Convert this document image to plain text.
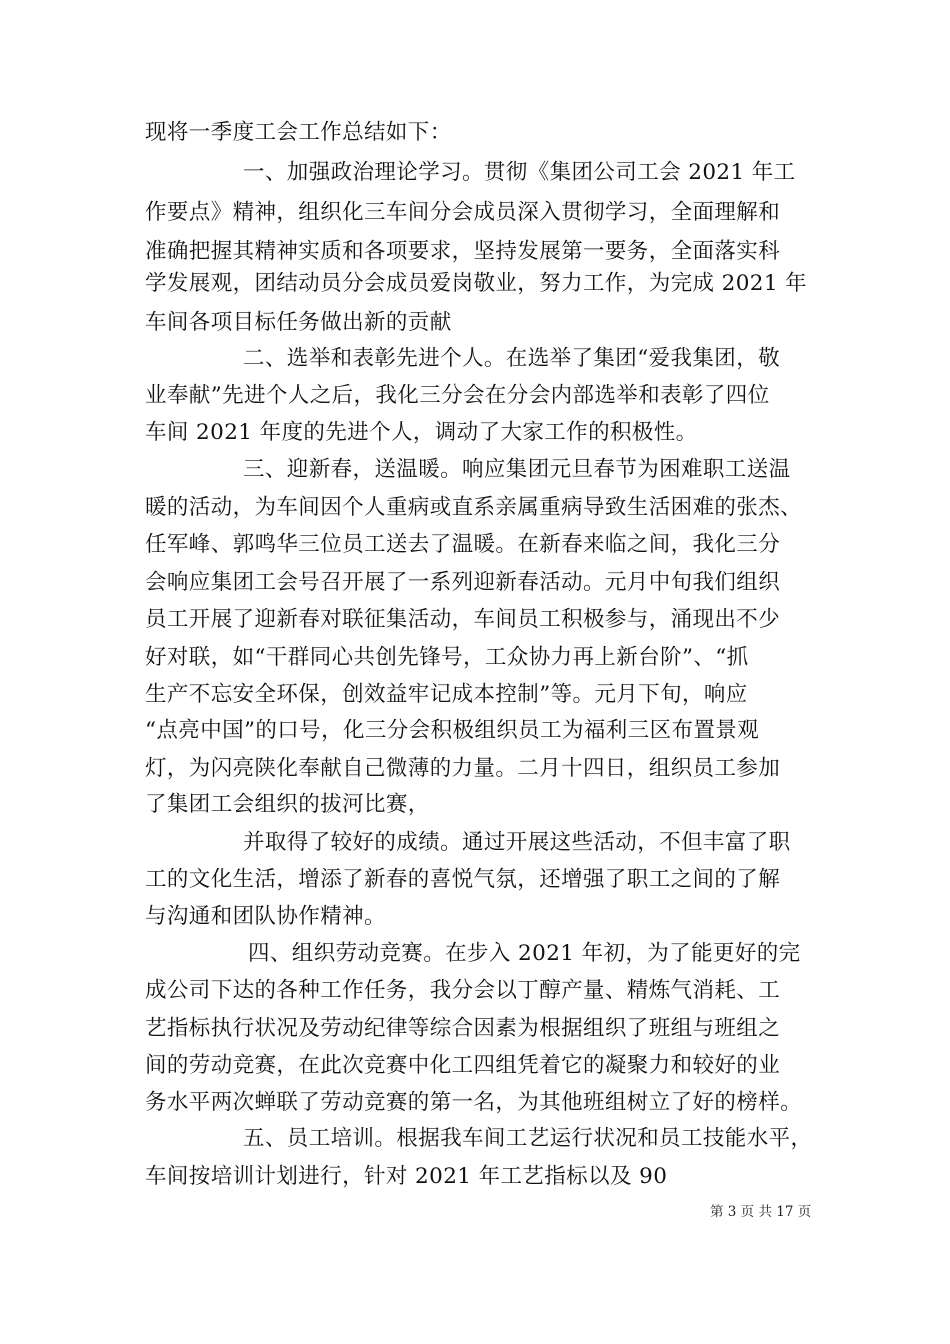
现将一季度工会工作总结如下：
一、加强政治理论学习。贯彻《集团公司工会 2021 年工
作要点》精神，组织化三车间分会成员深入贯彻学习，全面理解和
准确把握其精神实质和各项要求，坚持发展第一要务，全面落实科
学发展观，团结动员分会成员爱岗敬业，努力工作，为完成 2021 年
车间各项目标任务做出新的贡献
二、选举和表彰先进个人。在选举了集团“爱我集团，敬
业奉献”先进个人之后，我化三分会在分会内部选举和表彰了四位
车间 2021 年度的先进个人，调动了大家工作的积极性。
三、迎新春，送温暖。响应集团元旦春节为困难职工送温
暖的活动，为车间因个人重病或直系亲属重病导致生活困难的张杰、
任军峰、郭鸣华三位员工送去了温暖。在新春来临之间，我化三分
会响应集团工会号召开展了一系列迎新春活动。元月中旬我们组织
员工开展了迎新春对联征集活动，车间员工积极参与，涌现出不少
好对联，如“干群同心共创先锋号，工众协力再上新台阶”、“抓
生产不忘安全环保，创效益牢记成本控制”等。元月下旬，响应
“点亮中国”的口号，化三分会积极组织员工为福利三区布置景观
灯，为闪亮陕化奉献自己微薄的力量。二月十四日，组织员工参加
了集团工会组织的拔河比赛，
并取得了较好的成绩。通过开展这些活动，不但丰富了职
工的文化生活，增添了新春的喜悦气氛，还增强了职工之间的了解
与沟通和团队协作精神。
四、组织劳动竞赛。在步入 2021 年初，为了能更好的完
成公司下达的各种工作任务，我分会以丁醇产量、精炼气消耗、工
艺指标执行状况及劳动纪律等综合因素为根据组织了班组与班组之
间的劳动竞赛，在此次竞赛中化工四组凭着它的凝聚力和较好的业
务水平两次蝉联了劳动竞赛的第一名，为其他班组树立了好的榜样。
五、员工培训。根据我车间工艺运行状况和员工技能水平，
车间按培训计划进行，针对 2021 年工艺指标以及 90
第 3 页 共 17 页
